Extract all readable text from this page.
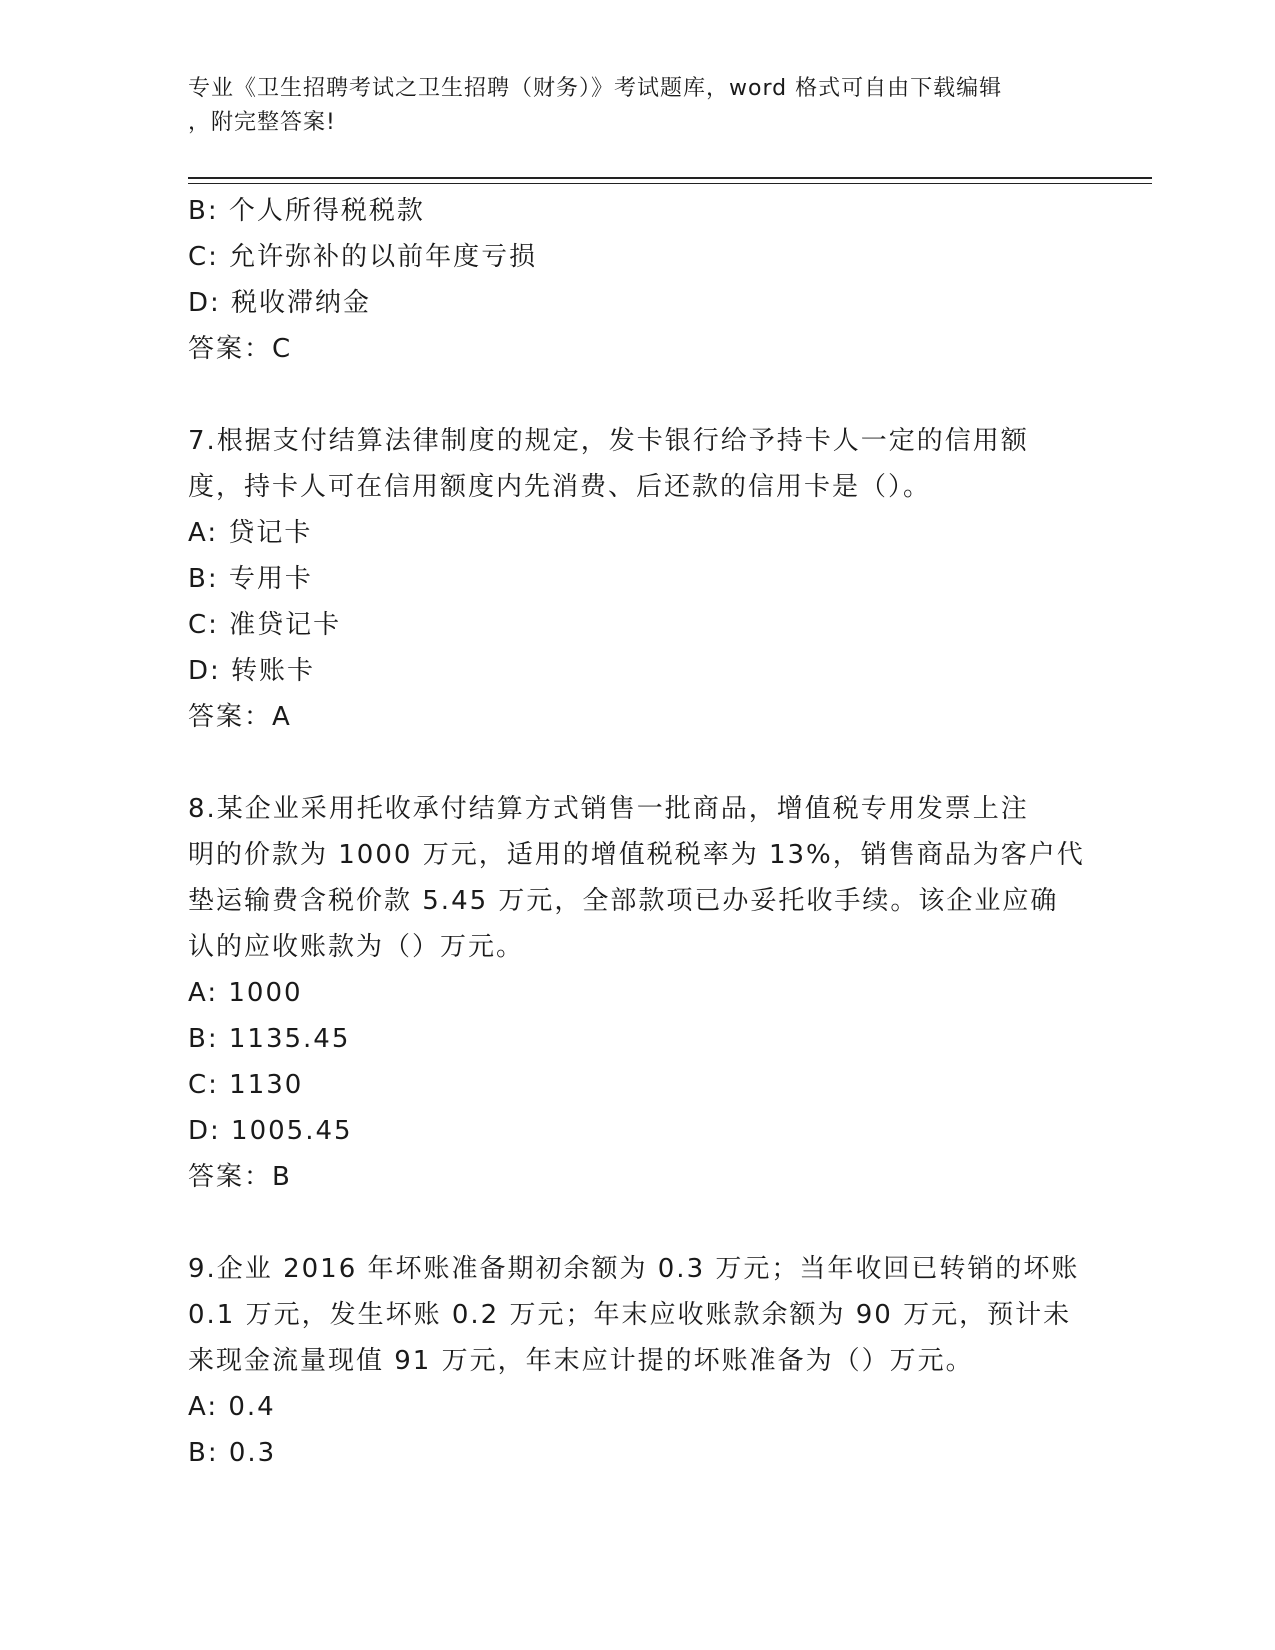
专业《卫生招聘考试之卫生招聘（财务）》考试题库，word 格式可自由下载编辑
，附完整答案!
B: 个人所得税税款
C: 允许弥补的以前年度亏损
D: 税收滞纳金
答案：C
7.根据支付结算法律制度的规定，发卡银行给予持卡人一定的信用额
度，持卡人可在信用额度内先消费、后还款的信用卡是（）。
A: 贷记卡
B: 专用卡
C: 准贷记卡
D: 转账卡
答案：A
8.某企业采用托收承付结算方式销售一批商品，增值税专用发票上注
明的价款为 1000 万元，适用的增值税税率为 13%，销售商品为客户代
垫运输费含税价款 5.45 万元，全部款项已办妥托收手续。该企业应确
认的应收账款为（）万元。
A: 1000
B: 1135.45
C: 1130
D: 1005.45
答案：B
9.企业 2016 年坏账准备期初余额为 0.3 万元；当年收回已转销的坏账
0.1 万元，发生坏账 0.2 万元；年末应收账款余额为 90 万元，预计未
来现金流量现值 91 万元，年末应计提的坏账准备为（）万元。
A: 0.4
B: 0.3
